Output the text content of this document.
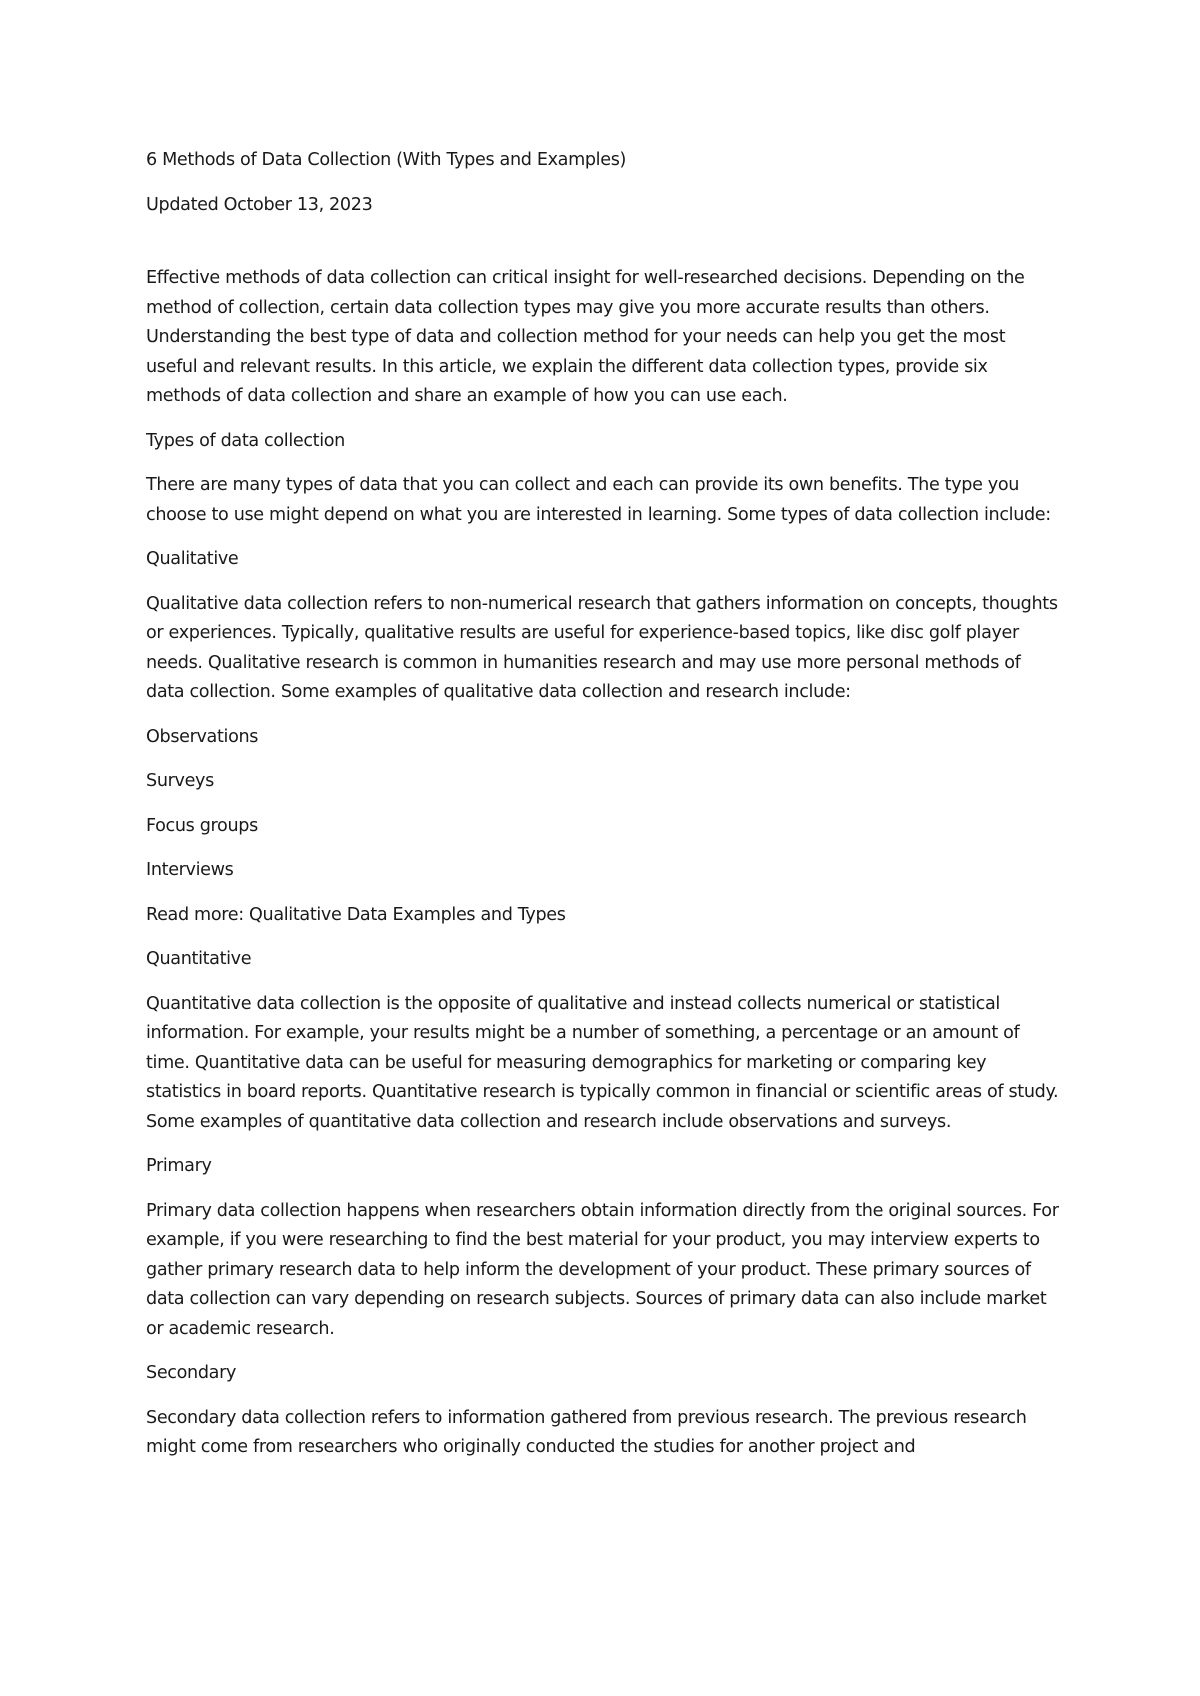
6 Methods of Data Collection (With Types and Examples)

Updated October 13, 2023

Effective methods of data collection can critical insight for well-researched decisions. Depending on the method of collection, certain data collection types may give you more accurate results than others. Understanding the best type of data and collection method for your needs can help you get the most useful and relevant results. In this article, we explain the different data collection types, provide six methods of data collection and share an example of how you can use each.

Types of data collection

There are many types of data that you can collect and each can provide its own benefits. The type you choose to use might depend on what you are interested in learning. Some types of data collection include:

Qualitative

Qualitative data collection refers to non-numerical research that gathers information on concepts, thoughts or experiences. Typically, qualitative results are useful for experience-based topics, like disc golf player needs. Qualitative research is common in humanities research and may use more personal methods of data collection. Some examples of qualitative data collection and research include:

Observations

Surveys

Focus groups

Interviews

Read more: Qualitative Data Examples and Types

Quantitative

Quantitative data collection is the opposite of qualitative and instead collects numerical or statistical information. For example, your results might be a number of something, a percentage or an amount of time. Quantitative data can be useful for measuring demographics for marketing or comparing key statistics in board reports. Quantitative research is typically common in financial or scientific areas of study. Some examples of quantitative data collection and research include observations and surveys.

Primary

Primary data collection happens when researchers obtain information directly from the original sources. For example, if you were researching to find the best material for your product, you may interview experts to gather primary research data to help inform the development of your product. These primary sources of data collection can vary depending on research subjects. Sources of primary data can also include market or academic research.

Secondary

Secondary data collection refers to information gathered from previous research. The previous research might come from researchers who originally conducted the studies for another project and
